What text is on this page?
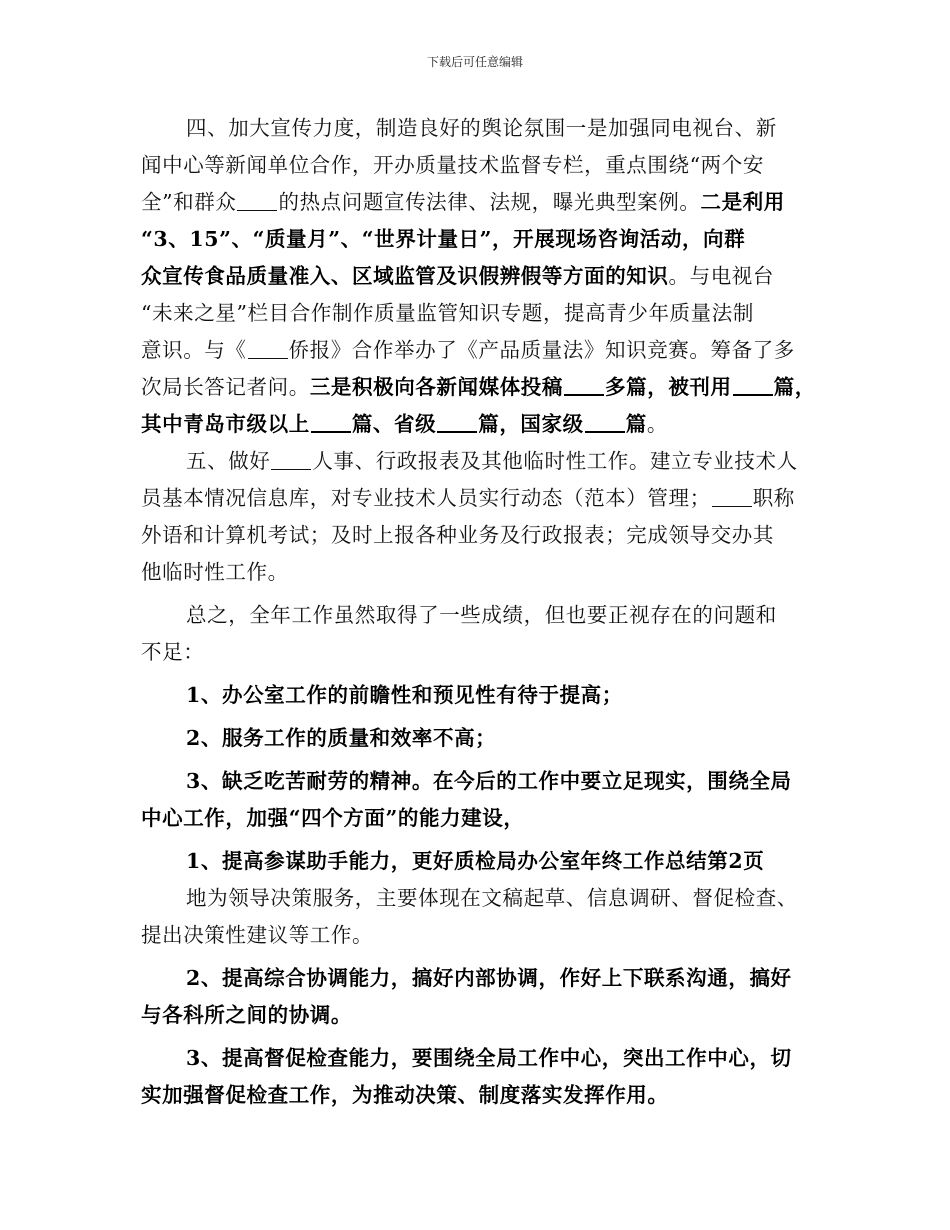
下载后可任意编辑
四、加大宣传力度，制造良好的舆论氛围一是加强同电视台、新
闻中心等新闻单位合作，开办质量技术监督专栏，重点围绕“两个安
全”和群众 的热点问题宣传法律、法规，曝光典型案例。二是利用
“3、15”、“质量月”、“世界计量日”，开展现场咨询活动，向群
众宣传食品质量准入、区域监管及识假辨假等方面的知识。与电视台
“未来之星”栏目合作制作质量监管知识专题，提高青少年质量法制
意识。与《 侨报》合作举办了《产品质量法》知识竞赛。筹备了多
次局长答记者问。三是积极向各新闻媒体投稿 多篇，被刊用 篇，
其中青岛市级以上 篇、省级 篇，国家级 篇。
五、做好 人事、行政报表及其他临时性工作。建立专业技术人
员基本情况信息库，对专业技术人员实行动态（范本）管理； 职称
外语和计算机考试；及时上报各种业务及行政报表；完成领导交办其
他临时性工作。
总之，全年工作虽然取得了一些成绩，但也要正视存在的问题和
不足：
1、办公室工作的前瞻性和预见性有待于提高；
2、服务工作的质量和效率不高；
3、缺乏吃苦耐劳的精神。在今后的工作中要立足现实，围绕全局
中心工作，加强“四个方面”的能力建设，
1、提高参谋助手能力，更好质检局办公室年终工作总结第2页
地为领导决策服务，主要体现在文稿起草、信息调研、督促检查、
提出决策性建议等工作。
2、提高综合协调能力，搞好内部协调，作好上下联系沟通，搞好
与各科所之间的协调。
3、提高督促检查能力，要围绕全局工作中心，突出工作中心，切
实加强督促检查工作，为推动决策、制度落实发挥作用。
